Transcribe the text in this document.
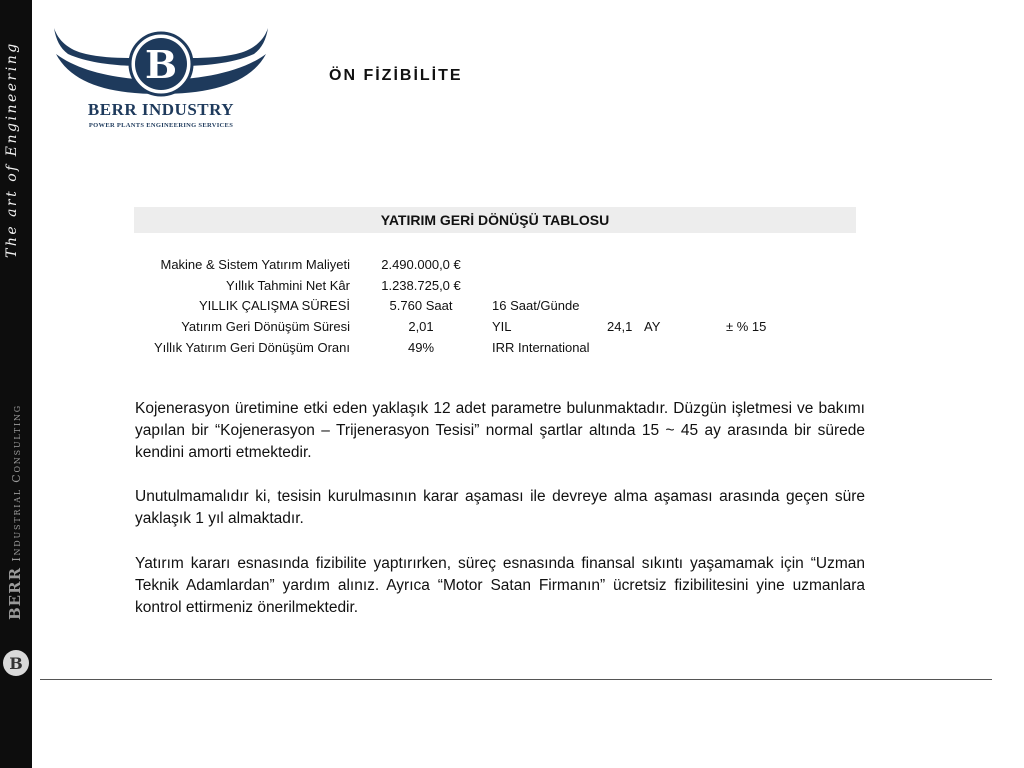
The art of Engineering
BERR Industrial Consulting
B
B
BERR INDUSTRY
POWER PLANTS ENGINEERING SERVICES
ÖN FİZİBİLİTE
YATIRIM GERİ DÖNÜŞÜ TABLOSU
Makine & Sistem Yatırım Maliyeti	2.490.000,0 €				
Yıllık Tahmini Net Kâr	1.238.725,0 €				
YILLIK ÇALIŞMA SÜRESİ	5.760 Saat	16 Saat/Günde			
Yatırım Geri Dönüşüm Süresi	2,01	YIL	24,1	AY	± % 15
Yıllık Yatırım Geri Dönüşüm Oranı	49%	IRR International			
Kojenerasyon üretimine etki eden yaklaşık 12 adet parametre bulunmaktadır. Düzgün işletmesi ve bakımı yapılan bir “Kojenerasyon – Trijenerasyon Tesisi” normal şartlar altında 15 ~ 45 ay arasında bir sürede kendini amorti etmektedir.
Unutulmamalıdır ki, tesisin kurulmasının karar aşaması ile devreye alma aşaması arasında geçen süre yaklaşık 1 yıl almaktadır.
Yatırım kararı esnasında fizibilite yaptırırken, süreç esnasında finansal sıkıntı yaşamamak için “Uzman Teknik Adamlardan” yardım alınız. Ayrıca “Motor Satan Firmanın” ücretsiz fizibilitesini yine uzmanlara kontrol ettirmeniz önerilmektedir.
